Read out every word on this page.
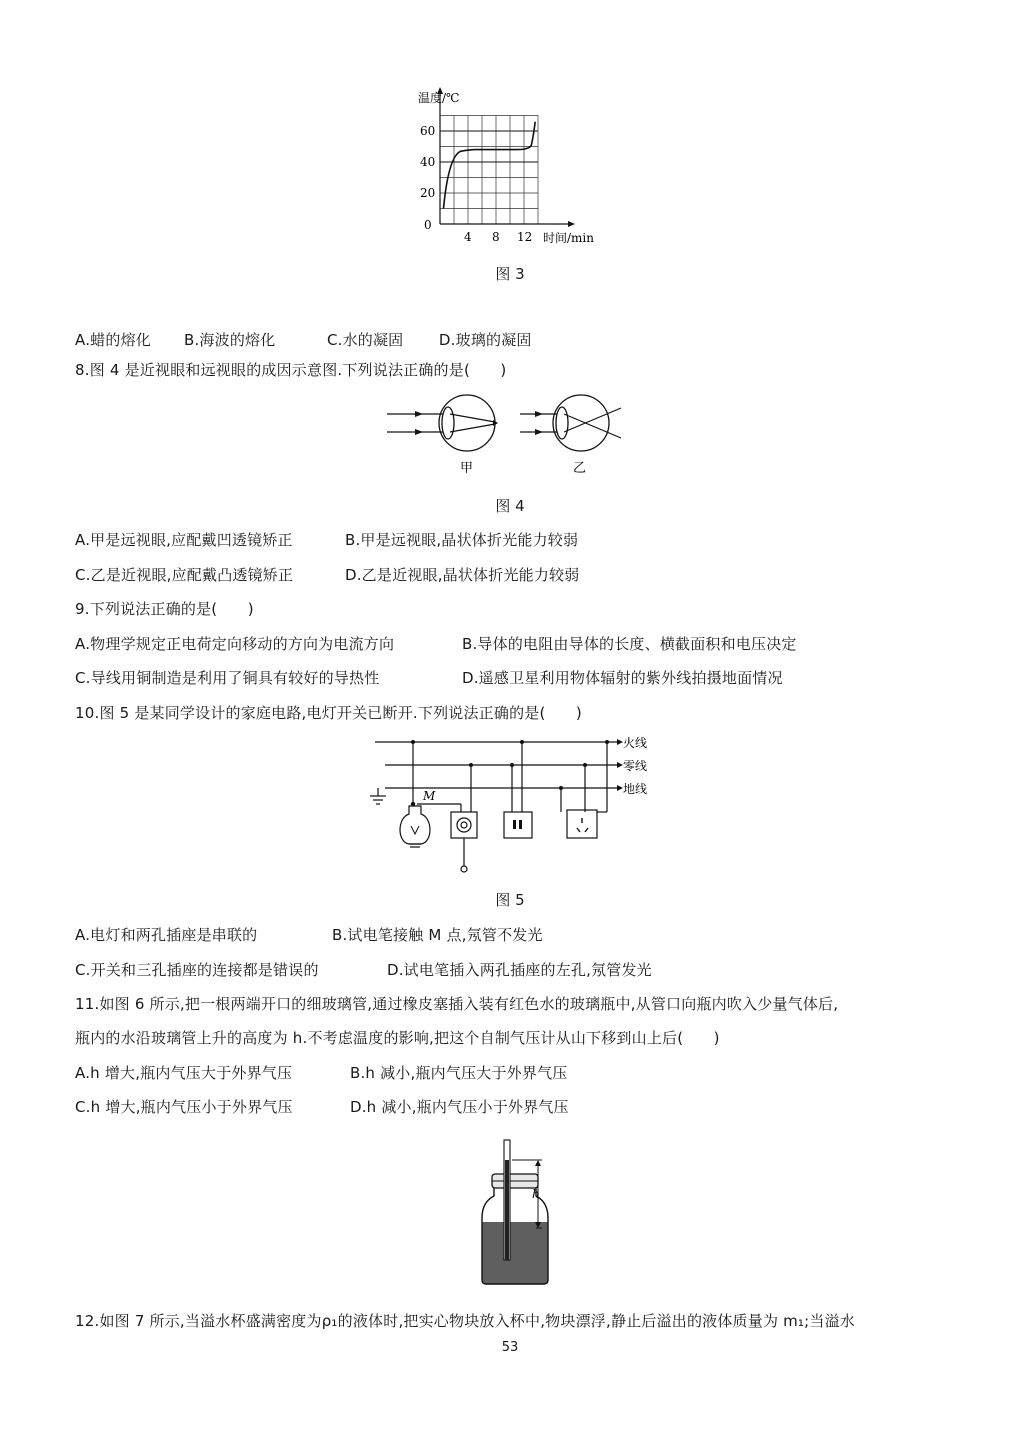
20
40
60
4 8 12
温度/℃
时间/min
0
图 3
A.蜡的熔化 B.海波的熔化	C.水的凝固 D.玻璃的凝固
8.图 4 是近视眼和远视眼的成因示意图.下列说法正确的是(　　)
甲	乙
图 4
A.甲是远视眼,应配戴凹透镜矫正	B.甲是远视眼,晶状体折光能力较弱
C.乙是近视眼,应配戴凸透镜矫正	D.乙是近视眼,晶状体折光能力较弱
9.下列说法正确的是(　　)
A.物理学规定正电荷定向移动的方向为电流方向	B.导体的电阻由导体的长度、横截面积和电压决定
C.导线用铜制造是利用了铜具有较好的导热性	D.遥感卫星利用物体辐射的紫外线拍摄地面情况
10.图 5 是某同学设计的家庭电路,电灯开关已断开.下列说法正确的是(　　)
火线
零线
地线
M
图 5
A.电灯和两孔插座是串联的	B.试电笔接触 M 点,氖管不发光
C.开关和三孔插座的连接都是错误的	D.试电笔插入两孔插座的左孔,氖管发光
11.如图 6 所示,把一根两端开口的细玻璃管,通过橡皮塞插入装有红色水的玻璃瓶中,从管口向瓶内吹入少量气体后,
瓶内的水沿玻璃管上升的高度为 h.不考虑温度的影响,把这个自制气压计从山下移到山上后(　　)
A.h 增大,瓶内气压大于外界气压	B.h 减小,瓶内气压大于外界气压
C.h 增大,瓶内气压小于外界气压	D.h 减小,瓶内气压小于外界气压
h
12.如图 7 所示,当溢水杯盛满密度为ρ₁的液体时,把实心物块放入杯中,物块漂浮,静止后溢出的液体质量为 m₁;当溢水
53
